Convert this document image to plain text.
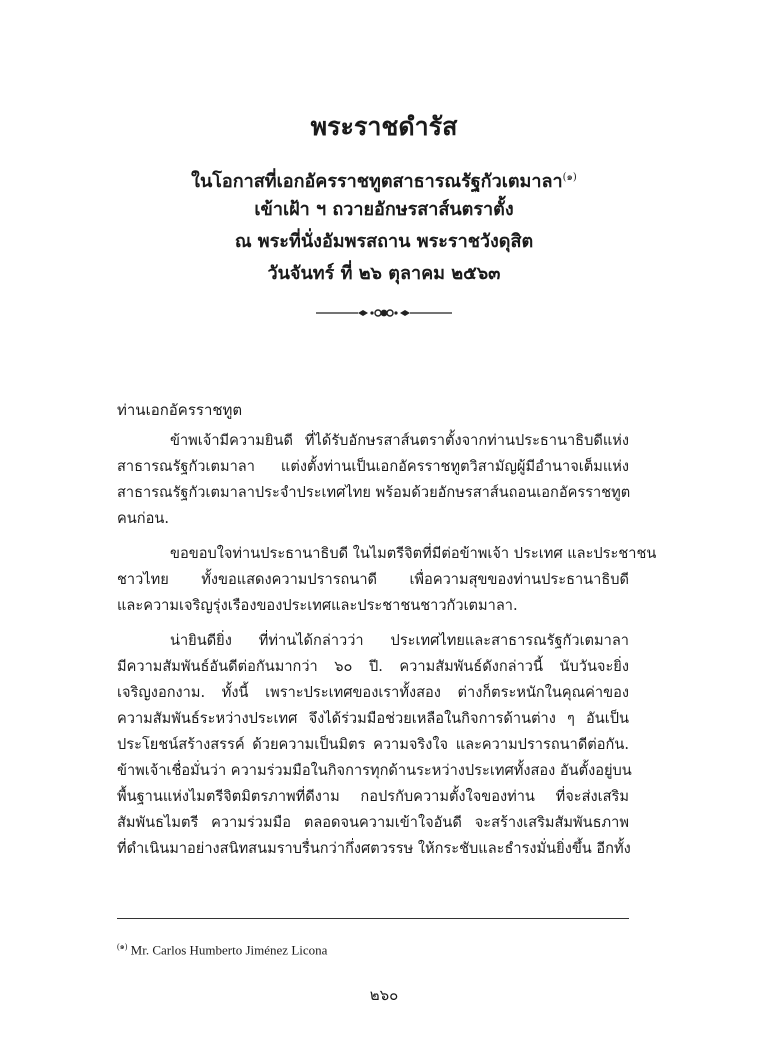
พระราชดำรัส
ในโอกาสที่เอกอัครราชทูตสาธารณรัฐกัวเตมาลา$^{(๑)}$
เข้าเฝ้า ฯ ถวายอักษรสาส์นตราตั้ง
ณ พระที่นั่งอัมพรสถาน พระราชวังดุสิต
วันจันทร์ ที่ ๒๖ ตุลาคม ๒๕๖๓
ท่านเอกอัครราชทูต
ข้าพเจ้ามีความยินดี ที่ได้รับอักษรสาส์นตราตั้งจากท่านประธานาธิบดีแห่ง
สาธารณรัฐกัวเตมาลา แต่งตั้งท่านเป็นเอกอัครราชทูตวิสามัญผู้มีอำนาจเต็มแห่ง
สาธารณรัฐกัวเตมาลาประจำประเทศไทย พร้อมด้วยอักษรสาส์นถอนเอกอัครราชทูต
คนก่อน.
ขอขอบใจท่านประธานาธิบดี ในไมตรีจิตที่มีต่อข้าพเจ้า ประเทศ และประชาชน
ชาวไทย ทั้งขอแสดงความปรารถนาดี เพื่อความสุขของท่านประธานาธิบดี
และความเจริญรุ่งเรืองของประเทศและประชาชนชาวกัวเตมาลา.
น่ายินดียิ่ง ที่ท่านได้กล่าวว่า ประเทศไทยและสาธารณรัฐกัวเตมาลา
มีความสัมพันธ์อันดีต่อกันมากว่า ๖๐ ปี. ความสัมพันธ์ดังกล่าวนี้ นับวันจะยิ่ง
เจริญงอกงาม. ทั้งนี้ เพราะประเทศของเราทั้งสอง ต่างก็ตระหนักในคุณค่าของ
ความสัมพันธ์ระหว่างประเทศ จึงได้ร่วมมือช่วยเหลือในกิจการด้านต่าง ๆ อันเป็น
ประโยชน์สร้างสรรค์ ด้วยความเป็นมิตร ความจริงใจ และความปรารถนาดีต่อกัน.
ข้าพเจ้าเชื่อมั่นว่า ความร่วมมือในกิจการทุกด้านระหว่างประเทศทั้งสอง อันตั้งอยู่บน
พื้นฐานแห่งไมตรีจิตมิตรภาพที่ดีงาม กอปรกับความตั้งใจของท่าน ที่จะส่งเสริม
สัมพันธไมตรี ความร่วมมือ ตลอดจนความเข้าใจอันดี จะสร้างเสริมสัมพันธภาพ
ที่ดำเนินมาอย่างสนิทสนมราบรื่นกว่ากึ่งศตวรรษ ให้กระชับและธำรงมั่นยิ่งขึ้น อีกทั้ง
$^{(๑)}$ Mr. Carlos Humberto Jiménez Licona
๒๖๐
